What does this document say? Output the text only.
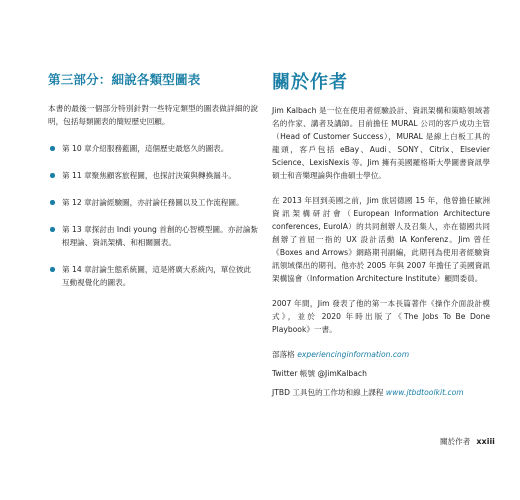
第三部分：細說各類型圖表

本書的最後一個部分特別針對一些特定類型的圖表做詳細的說明，包括每類圖表的簡短歷史回顧。

第 10 章介紹服務藍圖，這個歷史最悠久的圖表。
第 11 章聚焦顧客旅程圖，也探討決策與轉換漏斗。
第 12 章討論經驗圖，亦討論任務圖以及工作流程圖。
第 13 章探討由 Indi young 首創的心智模型圖。亦討論紮根理論、資訊架構、和相關圖表。
第 14 章討論生態系統圖，這是將廣大系統內，單位彼此互動視覺化的圖表。
關於作者

Jim Kalbach 是一位在使用者經驗設計、資訊架構和策略領域著名的作家、講者及講師。目前擔任 MURAL 公司的客戶成功主管（Head of Customer Success），MURAL 是線上白板工具的龍頭，客戶包括 eBay、Audi、SONY、Citrix、Elsevier Science、LexisNexis 等。Jim 擁有美國羅格斯大學圖書資訊學碩士和音樂理論與作曲碩士學位。

在 2013 年回到美國之前，Jim 旅居德國 15 年，他曾擔任歐洲資訊架構研討會（European Information Architecture conferences, EuroIA）的共同創辦人及召集人，亦在德國共同創辦了首屈一指的 UX 設計活動 IA Konferenz。Jim 曾任《Boxes and Arrows》網路期刊副編，此期刊為使用者經驗資訊領域傑出的期刊。他亦於 2005 年與 2007 年擔任了美國資訊架構協會（Information Architecture Institute）顧問委員。

2007 年間，Jim 發表了他的第一本長篇著作《操作介面設計模式》，並於 2020 年時出版了《The Jobs To Be Done Playbook》一書。

部落格 experiencinginformation.com
Twitter 帳號 @JimKalbach
JTBD 工具包的工作坊和線上課程 www.jtbdtoolkit.com
關於作者 xxiii
